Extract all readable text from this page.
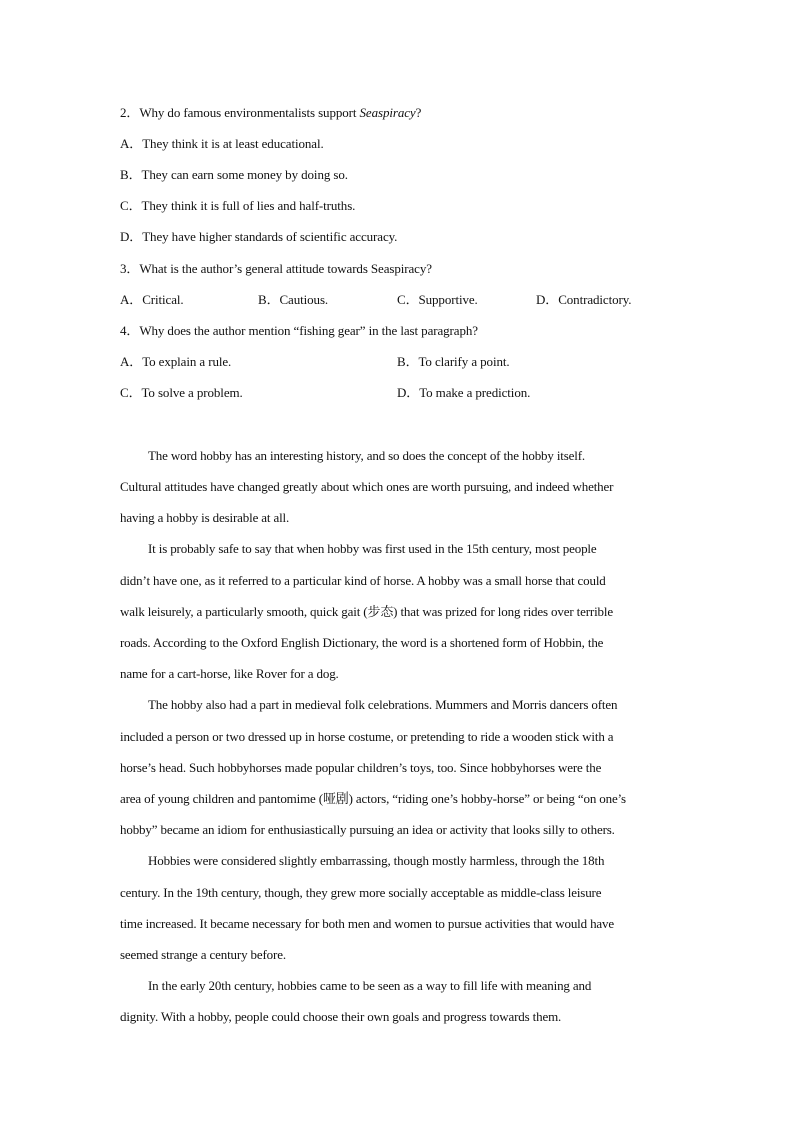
2．Why do famous environmentalists support Seaspiracy?
A．They think it is at least educational.
B．They can earn some money by doing so.
C．They think it is full of lies and half-truths.
D．They have higher standards of scientific accuracy.
3．What is the author’s general attitude towards Seaspiracy?
A．Critical.	B．Cautious.	C．Supportive.	D．Contradictory.
4．Why does the author mention “fishing gear” in the last paragraph?
A．To explain a rule.	B．To clarify a point.
C．To solve a problem.	D．To make a prediction.
The word hobby has an interesting history, and so does the concept of the hobby itself.
Cultural attitudes have changed greatly about which ones are worth pursuing, and indeed whether
having a hobby is desirable at all.
It is probably safe to say that when hobby was first used in the 15th century, most people
didn’t have one, as it referred to a particular kind of horse. A hobby was a small horse that could
walk leisurely, a particularly smooth, quick gait (步态) that was prized for long rides over terrible
roads. According to the Oxford English Dictionary, the word is a shortened form of Hobbin, the
name for a cart-horse, like Rover for a dog.
The hobby also had a part in medieval folk celebrations. Mummers and Morris dancers often
included a person or two dressed up in horse costume, or pretending to ride a wooden stick with a
horse’s head. Such hobbyhorses made popular children’s toys, too. Since hobbyhorses were the
area of young children and pantomime (哑剧) actors, “riding one’s hobby-horse” or being “on one’s
hobby” became an idiom for enthusiastically pursuing an idea or activity that looks silly to others.
Hobbies were considered slightly embarrassing, though mostly harmless, through the 18th
century. In the 19th century, though, they grew more socially acceptable as middle-class leisure
time increased. It became necessary for both men and women to pursue activities that would have
seemed strange a century before.
In the early 20th century, hobbies came to be seen as a way to fill life with meaning and
dignity. With a hobby, people could choose their own goals and progress towards them.
